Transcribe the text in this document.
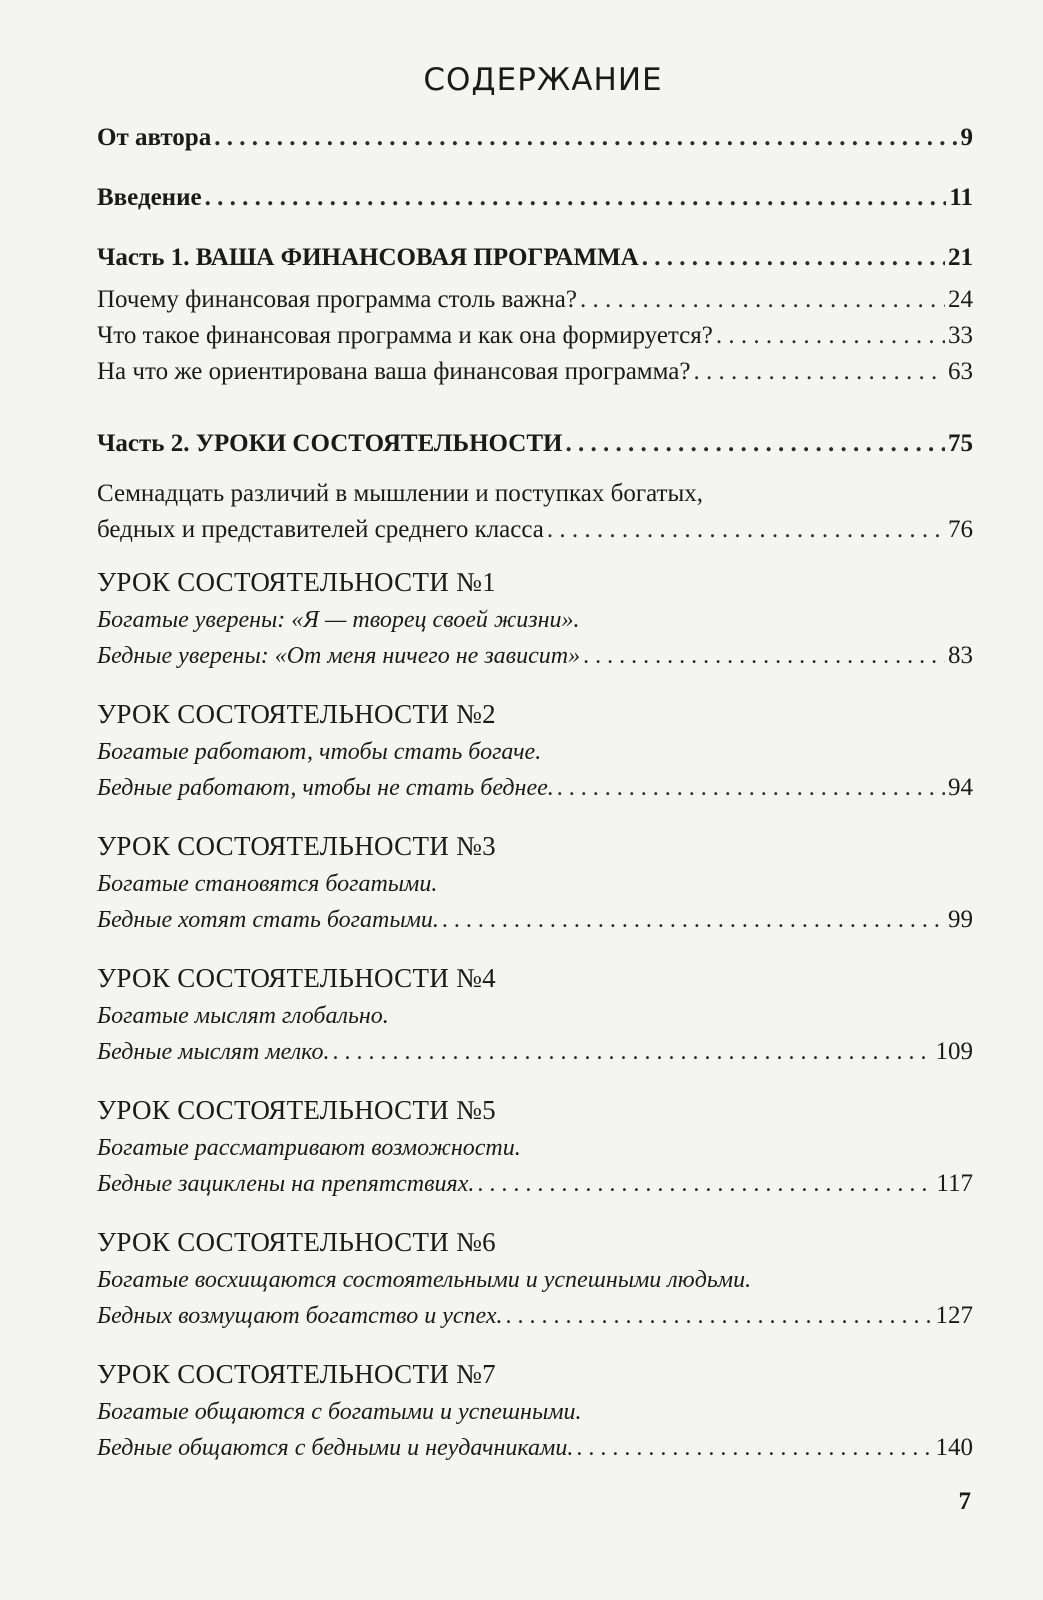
СОДЕРЖАНИЕ
От автора . . .	9
Введение . . .	11
Часть 1. ВАША ФИНАНСОВАЯ ПРОГРАММА . . .	21
Почему финансовая программа столь важна? . . .	24
Что такое финансовая программа и как она формируется? . . .	33
На что же ориентирована ваша финансовая программа? . . .	63
Часть 2. УРОКИ СОСТОЯТЕЛЬНОСТИ . . .	75
Семнадцать различий в мышлении и поступках богатых,
бедных и представителей среднего класса . . .	76
УРОК СОСТОЯТЕЛЬНОСТИ №1
Богатые уверены: «Я — творец своей жизни».
Бедные уверены: «От меня ничего не зависит» . . .	83
УРОК СОСТОЯТЕЛЬНОСТИ №2
Богатые работают, чтобы стать богаче.
Бедные работают, чтобы не стать беднее. . . .	94
УРОК СОСТОЯТЕЛЬНОСТИ №3
Богатые становятся богатыми.
Бедные хотят стать богатыми. . . .	99
УРОК СОСТОЯТЕЛЬНОСТИ №4
Богатые мыслят глобально.
Бедные мыслят мелко. . . .	109
УРОК СОСТОЯТЕЛЬНОСТИ №5
Богатые рассматривают возможности.
Бедные зациклены на препятствиях. . . .	117
УРОК СОСТОЯТЕЛЬНОСТИ №6
Богатые восхищаются состоятельными и успешными людьми.
Бедных возмущают богатство и успех. . . .	127
УРОК СОСТОЯТЕЛЬНОСТИ №7
Богатые общаются с богатыми и успешными.
Бедные общаются с бедными и неудачниками. . . .	140
7
